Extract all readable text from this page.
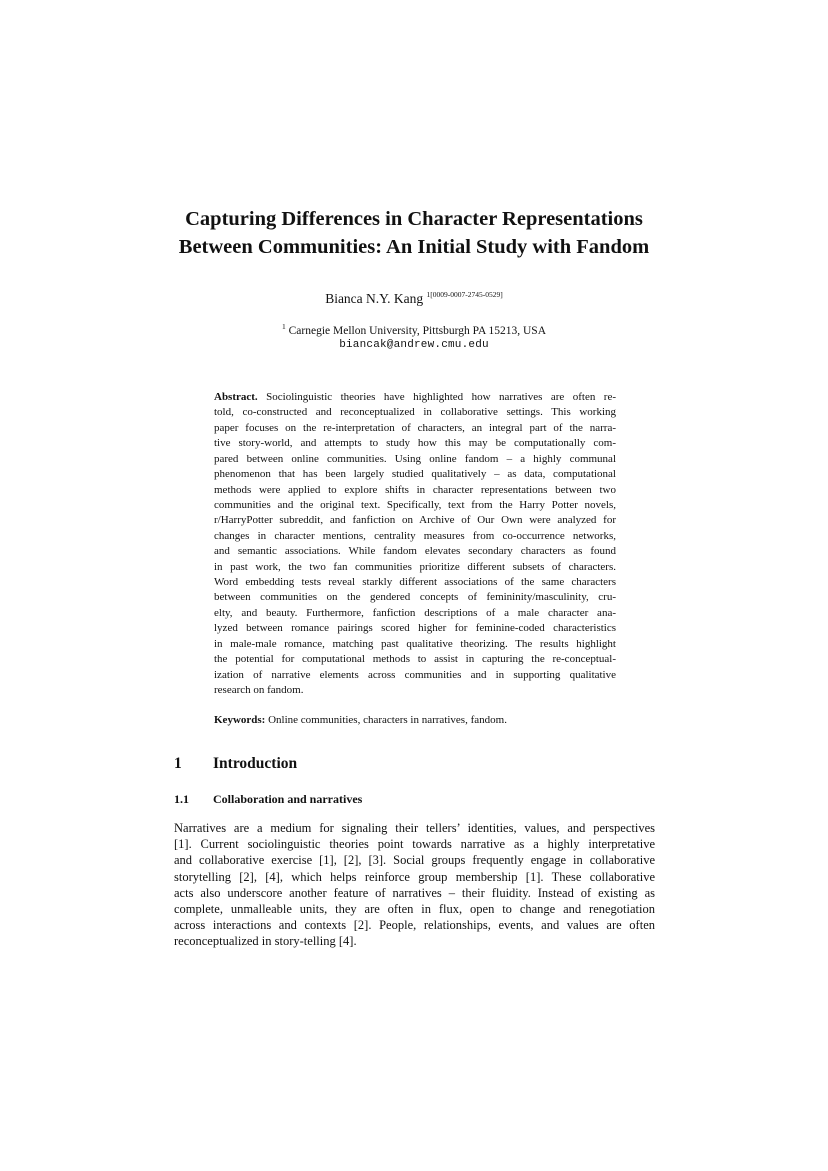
Capturing Differences in Character Representations
Between Communities: An Initial Study with Fandom
Bianca N.Y. Kang $^{1[0009-0007-2745-0529]}$
$^1$ Carnegie Mellon University, Pittsburgh PA 15213, USA
biancak@andrew.cmu.edu
Abstract. Sociolinguistic theories have highlighted how narratives are often re-
told, co-constructed and reconceptualized in collaborative settings. This working
paper focuses on the re-interpretation of characters, an integral part of the narra-
tive story-world, and attempts to study how this may be computationally com-
pared between online communities. Using online fandom – a highly communal
phenomenon that has been largely studied qualitatively – as data, computational
methods were applied to explore shifts in character representations between two
communities and the original text. Specifically, text from the Harry Potter novels,
r/HarryPotter subreddit, and fanfiction on Archive of Our Own were analyzed for
changes in character mentions, centrality measures from co-occurrence networks,
and semantic associations. While fandom elevates secondary characters as found
in past work, the two fan communities prioritize different subsets of characters.
Word embedding tests reveal starkly different associations of the same characters
between communities on the gendered concepts of femininity/masculinity, cru-
elty, and beauty. Furthermore, fanfiction descriptions of a male character ana-
lyzed between romance pairings scored higher for feminine-coded characteristics
in male-male romance, matching past qualitative theorizing. The results highlight
the potential for computational methods to assist in capturing the re-conceptual-
ization of narrative elements across communities and in supporting qualitative
research on fandom.
Keywords: Online communities, characters in narratives, fandom.
1 Introduction
1.1 Collaboration and narratives
Narratives are a medium for signaling their tellers’ identities, values, and perspectives
[1]. Current sociolinguistic theories point towards narrative as a highly interpretative
and collaborative exercise [1], [2], [3]. Social groups frequently engage in collaborative
storytelling [2], [4], which helps reinforce group membership [1]. These collaborative
acts also underscore another feature of narratives – their fluidity. Instead of existing as
complete, unmalleable units, they are often in flux, open to change and renegotiation
across interactions and contexts [2]. People, relationships, events, and values are often
reconceptualized in story-telling [4].
